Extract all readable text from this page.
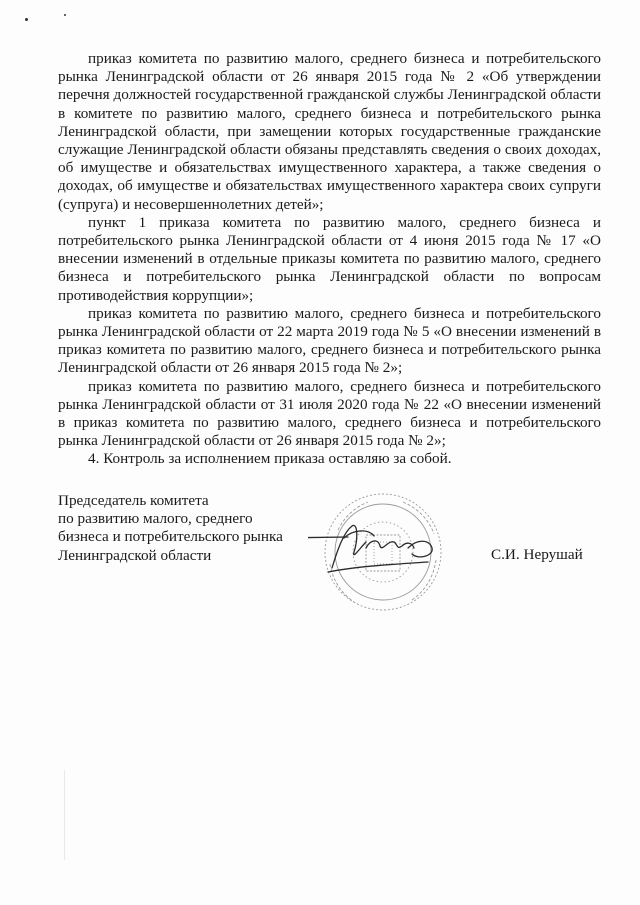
приказ комитета по развитию малого, среднего бизнеса и потребительского рынка Ленинградской области от 26 января 2015 года № 2 «Об утверждении перечня должностей государственной гражданской службы Ленинградской области в комитете по развитию малого, среднего бизнеса и потребительского рынка Ленинградской области, при замещении которых государственные гражданские служащие Ленинградской области обязаны представлять сведения о своих доходах, об имуществе и обязательствах имущественного характера, а также сведения о доходах, об имуществе и обязательствах имущественного характера своих супруги (супруга) и несовершеннолетних детей»;

пункт 1 приказа комитета по развитию малого, среднего бизнеса и потребительского рынка Ленинградской области от 4 июня 2015 года № 17 «О внесении изменений в отдельные приказы комитета по развитию малого, среднего бизнеса и потребительского рынка Ленинградской области по вопросам противодействия коррупции»;

приказ комитета по развитию малого, среднего бизнеса и потребительского рынка Ленинградской области от 22 марта 2019 года № 5 «О внесении изменений в приказ комитета по развитию малого, среднего бизнеса и потребительского рынка Ленинградской области от 26 января 2015 года № 2»;

приказ комитета по развитию малого, среднего бизнеса и потребительского рынка Ленинградской области от 31 июля 2020 года № 22 «О внесении изменений в приказ комитета по развитию малого, среднего бизнеса и потребительского рынка Ленинградской области от 26 января 2015 года № 2»;

4. Контроль за исполнением приказа оставляю за собой.

Председатель комитета
по развитию малого, среднего
бизнеса и потребительского рынка
Ленинградской области	С.И. Нерушай
